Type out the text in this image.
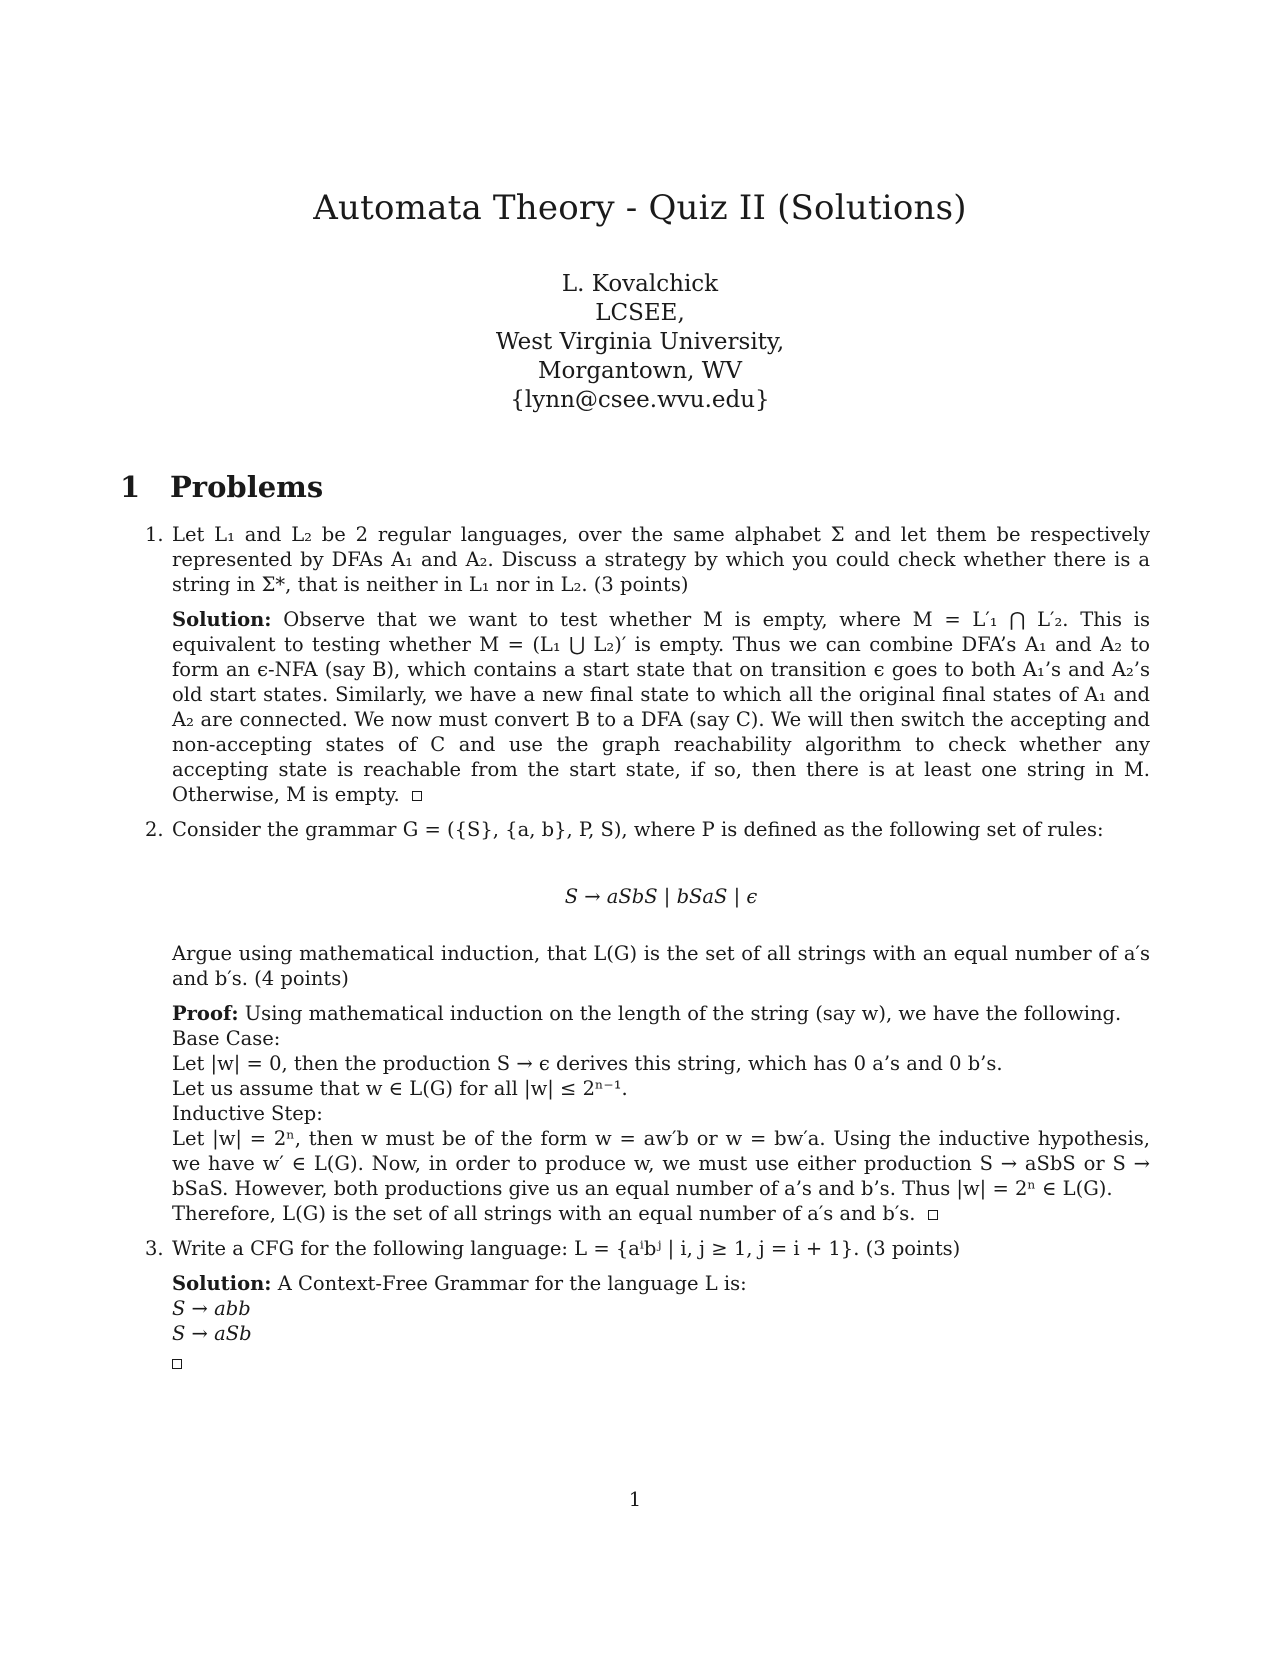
Automata Theory - Quiz II (Solutions)
L. Kovalchick
LCSEE,
West Virginia University,
Morgantown, WV
{lynn@csee.wvu.edu}
1 Problems
1. Let L₁ and L₂ be 2 regular languages, over the same alphabet Σ and let them be respectively represented by DFAs A₁ and A₂. Discuss a strategy by which you could check whether there is a string in Σ*, that is neither in L₁ nor in L₂. (3 points)
Solution: Observe that we want to test whether M is empty, where M = L′₁ ⋂ L′₂. This is equivalent to testing whether M = (L₁ ⋃ L₂)′ is empty. Thus we can combine DFA’s A₁ and A₂ to form an ϵ-NFA (say B), which contains a start state that on transition ϵ goes to both A₁’s and A₂’s old start states. Similarly, we have a new final state to which all the original final states of A₁ and A₂ are connected. We now must convert B to a DFA (say C). We will then switch the accepting and non-accepting states of C and use the graph reachability algorithm to check whether any accepting state is reachable from the start state, if so, then there is at least one string in M. Otherwise, M is empty.
2. Consider the grammar G = ({S}, {a, b}, P, S), where P is defined as the following set of rules:
S → aSbS | bSaS | ϵ
Argue using mathematical induction, that L(G) is the set of all strings with an equal number of a′s and b′s. (4 points)
Proof: Using mathematical induction on the length of the string (say w), we have the following.
Base Case:
Let |w| = 0, then the production S → ϵ derives this string, which has 0 a’s and 0 b’s.
Let us assume that w ∈ L(G) for all |w| ≤ 2ⁿ⁻¹.
Inductive Step:
Let |w| = 2ⁿ, then w must be of the form w = aw′b or w = bw′a. Using the inductive hypothesis, we have w′ ∈ L(G). Now, in order to produce w, we must use either production S → aSbS or S → bSaS. However, both productions give us an equal number of a’s and b’s. Thus |w| = 2ⁿ ∈ L(G).
Therefore, L(G) is the set of all strings with an equal number of a′s and b′s.
3. Write a CFG for the following language: L = {aⁱbʲ | i, j ≥ 1, j = i + 1}. (3 points)
Solution: A Context-Free Grammar for the language L is:
S → abb
S → aSb
1
